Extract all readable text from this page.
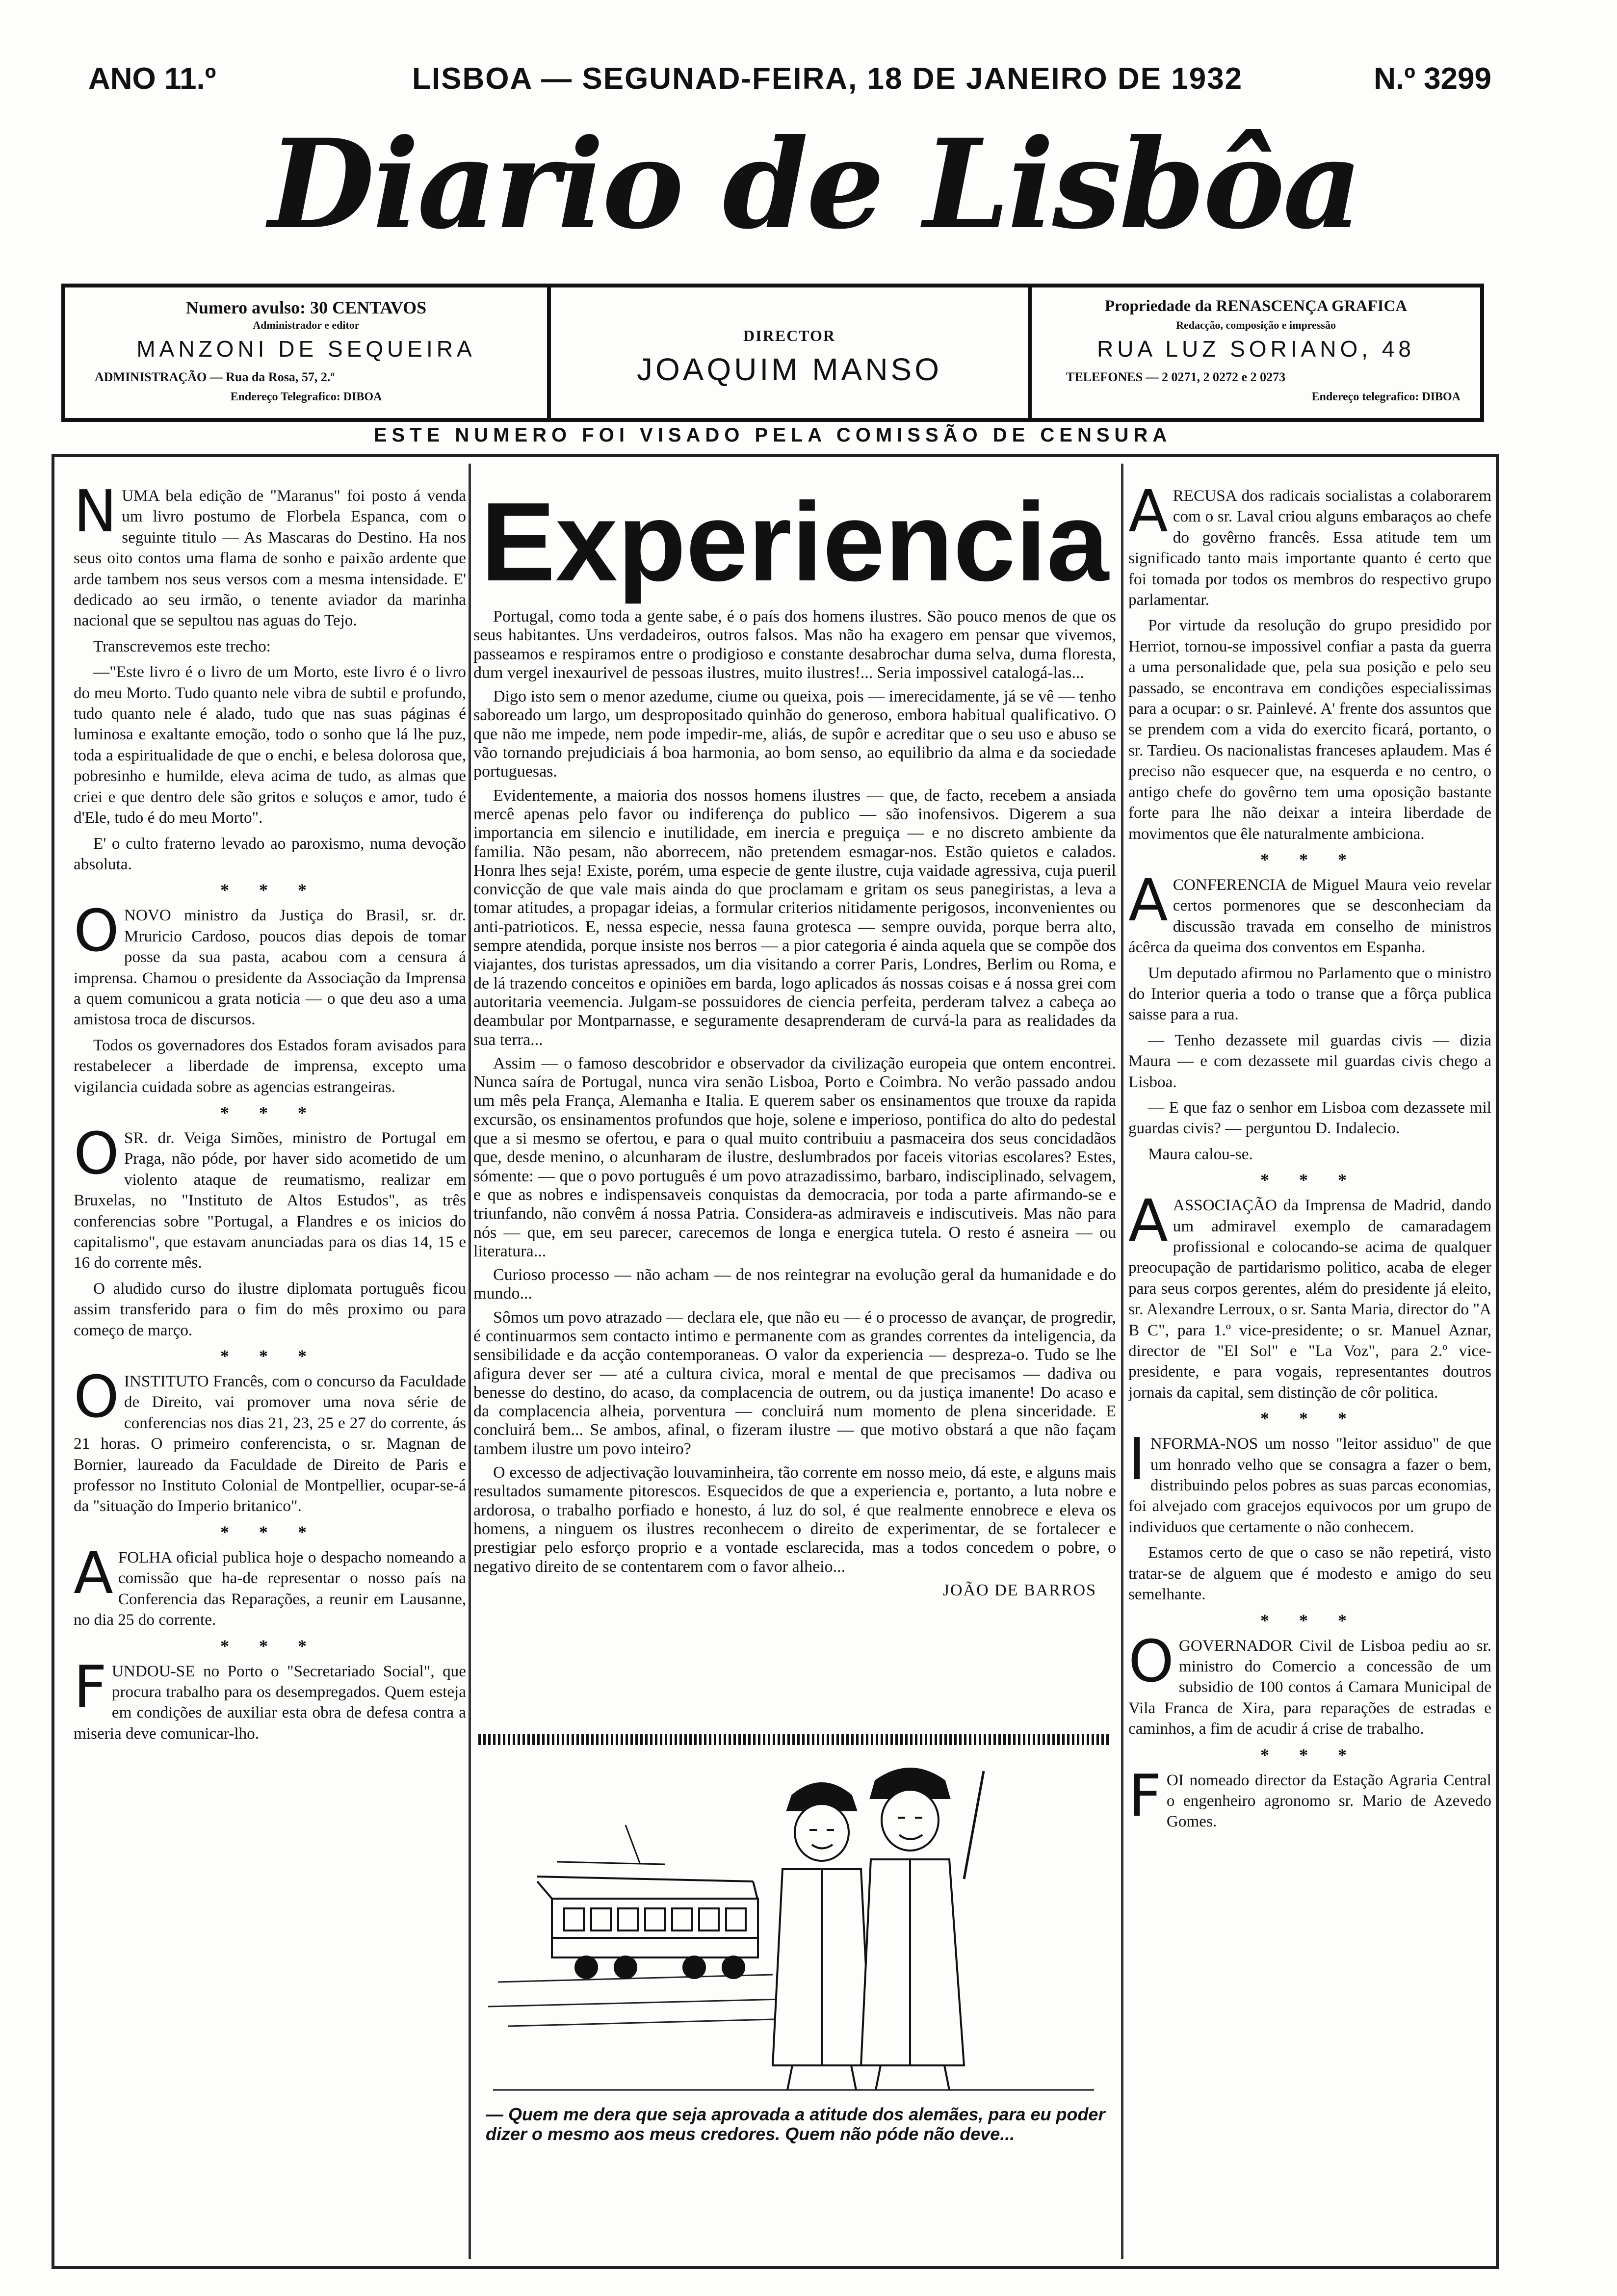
ANO 11.º	LISBOA — SEGUNAD-FEIRA, 18 DE JANEIRO DE 1932	N.º 3299
Diario de Lisbôa
Numero avulso: 30 CENTAVOS
Administrador e editor
MANZONI DE SEQUEIRA
ADMINISTRAÇÃO — Rua da Rosa, 57, 2.º
Endereço Telegrafico: DIBOA
DIRECTOR
JOAQUIM MANSO
Propriedade da RENASCENÇA GRAFICA
Redacção, composição e impressão
RUA LUZ SORIANO, 48
TELEFONES — 2 0271, 2 0272 e 2 0273
Endereço telegrafico: DIBOA
ESTE NUMERO FOI VISADO PELA COMISSÃO DE CENSURA

NUMA bela edição de "Maranus" foi posto á venda um livro postumo de Florbela Espanca, com o seguinte titulo — As Mascaras do Destino. Ha nos seus oito contos uma flama de sonho e paixão ardente que arde tambem nos seus versos com a mesma intensidade. E' dedicado ao seu irmão, o tenente aviador da marinha nacional que se sepultou nas aguas do Tejo.

Transcrevemos este trecho:

—"Este livro é o livro de um Morto, este livro é o livro do meu Morto. Tudo quanto nele vibra de subtil e profundo, tudo quanto nele é alado, tudo que nas suas páginas é luminosa e exaltante emoção, todo o sonho que lá lhe puz, toda a espiritualidade de que o enchi, e belesa dolorosa que, pobresinho e humilde, eleva acima de tudo, as almas que criei e que dentro dele são gritos e soluços e amor, tudo é d'Ele, tudo é do meu Morto".

E' o culto fraterno levado ao paroxismo, numa devoção absoluta.

* * *

ONOVO ministro da Justiça do Brasil, sr. dr. Mruricio Cardoso, poucos dias depois de tomar posse da sua pasta, acabou com a censura á imprensa. Chamou o presidente da Associação da Imprensa a quem comunicou a grata noticia — o que deu aso a uma amistosa troca de discursos.

Todos os governadores dos Estados foram avisados para restabelecer a liberdade de imprensa, excepto uma vigilancia cuidada sobre as agencias estrangeiras.

* * *

OSR. dr. Veiga Simões, ministro de Portugal em Praga, não póde, por haver sido acometido de um violento ataque de reumatismo, realizar em Bruxelas, no "Instituto de Altos Estudos", as três conferencias sobre "Portugal, a Flandres e os inicios do capitalismo", que estavam anunciadas para os dias 14, 15 e 16 do corrente mês.

O aludido curso do ilustre diplomata português ficou assim transferido para o fim do mês proximo ou para começo de março.

* * *

OINSTITUTO Francês, com o concurso da Faculdade de Direito, vai promover uma nova série de conferencias nos dias 21, 23, 25 e 27 do corrente, ás 21 horas. O primeiro conferencista, o sr. Magnan de Bornier, laureado da Faculdade de Direito de Paris e professor no Instituto Colonial de Montpellier, ocupar-se-á da "situação do Imperio britanico".

* * *

AFOLHA oficial publica hoje o despacho nomeando a comissão que ha-de representar o nosso país na Conferencia das Reparações, a reunir em Lausanne, no dia 25 do corrente.

* * *

FUNDOU-SE no Porto o "Secretariado Social", que procura trabalho para os desempregados. Quem esteja em condições de auxiliar esta obra de defesa contra a miseria deve comunicar-lho.

Experiencia

Portugal, como toda a gente sabe, é o país dos homens ilustres. São pouco menos de que os seus habitantes. Uns verdadeiros, outros falsos. Mas não ha exagero em pensar que vivemos, passeamos e respiramos entre o prodigioso e constante desabrochar duma selva, duma floresta, dum vergel inexaurivel de pessoas ilustres, muito ilustres!... Seria impossivel catalogá-las...

Digo isto sem o menor azedume, ciume ou queixa, pois — imerecidamente, já se vê — tenho saboreado um largo, um despropositado quinhão do generoso, embora habitual qualificativo. O que não me impede, nem pode impedir-me, aliás, de supôr e acreditar que o seu uso e abuso se vão tornando prejudiciais á boa harmonia, ao bom senso, ao equilibrio da alma e da sociedade portuguesas.

Evidentemente, a maioria dos nossos homens ilustres — que, de facto, recebem a ansiada mercê apenas pelo favor ou indiferença do publico — são inofensivos. Digerem a sua importancia em silencio e inutilidade, em inercia e preguiça — e no discreto ambiente da familia. Não pesam, não aborrecem, não pretendem esmagar-nos. Estão quietos e calados. Honra lhes seja! Existe, porém, uma especie de gente ilustre, cuja vaidade agressiva, cuja pueril convicção de que vale mais ainda do que proclamam e gritam os seus panegiristas, a leva a tomar atitudes, a propagar ideias, a formular criterios nitidamente perigosos, inconvenientes ou anti-patrioticos. E, nessa especie, nessa fauna grotesca — sempre ouvida, porque berra alto, sempre atendida, porque insiste nos berros — a pior categoria é ainda aquela que se compõe dos viajantes, dos turistas apressados, um dia visitando a correr Paris, Londres, Berlim ou Roma, e de lá trazendo conceitos e opiniões em barda, logo aplicados ás nossas coisas e á nossa grei com autoritaria veemencia. Julgam-se possuidores de ciencia perfeita, perderam talvez a cabeça ao deambular por Montparnasse, e seguramente desaprenderam de curvá-la para as realidades da sua terra...

Assim — o famoso descobridor e observador da civilização europeia que ontem encontrei. Nunca saíra de Portugal, nunca vira senão Lisboa, Porto e Coimbra. No verão passado andou um mês pela França, Alemanha e Italia. E querem saber os ensinamentos que trouxe da rapida excursão, os ensinamentos profundos que hoje, solene e imperioso, pontifica do alto do pedestal que a si mesmo se ofertou, e para o qual muito contribuiu a pasmaceira dos seus concidadãos que, desde menino, o alcunharam de ilustre, deslumbrados por faceis vitorias escolares? Estes, sómente: — que o povo português é um povo atrazadissimo, barbaro, indisciplinado, selvagem, e que as nobres e indispensaveis conquistas da democracia, por toda a parte afirmando-se e triunfando, não convêm á nossa Patria. Considera-as admiraveis e indiscutiveis. Mas não para nós — que, em seu parecer, carecemos de longa e energica tutela. O resto é asneira — ou literatura...

Curioso processo — não acham — de nos reintegrar na evolução geral da humanidade e do mundo...

Sômos um povo atrazado — declara ele, que não eu — é o processo de avançar, de progredir, é continuarmos sem contacto intimo e permanente com as grandes correntes da inteligencia, da sensibilidade e da acção contemporaneas. O valor da experiencia — despreza-o. Tudo se lhe afigura dever ser — até a cultura civica, moral e mental de que precisamos — dadiva ou benesse do destino, do acaso, da complacencia de outrem, ou da justiça imanente! Do acaso e da complacencia alheia, porventura — concluirá num momento de plena sinceridade. E concluirá bem... Se ambos, afinal, o fizeram ilustre — que motivo obstará a que não façam tambem ilustre um povo inteiro?

O excesso de adjectivação louvaminheira, tão corrente em nosso meio, dá este, e alguns mais resultados sumamente pitorescos. Esquecidos de que a experiencia e, portanto, a luta nobre e ardorosa, o trabalho porfiado e honesto, á luz do sol, é que realmente ennobrece e eleva os homens, a ninguem os ilustres reconhecem o direito de experimentar, de se fortalecer e prestigiar pelo esforço proprio e a vontade esclarecida, mas a todos concedem o pobre, o negativo direito de se contentarem com o favor alheio...

JOÃO DE BARROS
— Quem me dera que seja aprovada a atitude dos alemães, para eu poder dizer o mesmo aos meus credores. Quem não póde não deve...

ARECUSA dos radicais socialistas a colaborarem com o sr. Laval criou alguns embaraços ao chefe do govêrno francês. Essa atitude tem um significado tanto mais importante quanto é certo que foi tomada por todos os membros do respectivo grupo parlamentar.

Por virtude da resolução do grupo presidido por Herriot, tornou-se impossivel confiar a pasta da guerra a uma personalidade que, pela sua posição e pelo seu passado, se encontrava em condições especialissimas para a ocupar: o sr. Painlevé. A' frente dos assuntos que se prendem com a vida do exercito ficará, portanto, o sr. Tardieu. Os nacionalistas franceses aplaudem. Mas é preciso não esquecer que, na esquerda e no centro, o antigo chefe do govêrno tem uma oposição bastante forte para lhe não deixar a inteira liberdade de movimentos que êle naturalmente ambiciona.

* * *

ACONFERENCIA de Miguel Maura veio revelar certos pormenores que se desconheciam da discussão travada em conselho de ministros ácêrca da queima dos conventos em Espanha.

Um deputado afirmou no Parlamento que o ministro do Interior queria a todo o transe que a fôrça publica saisse para a rua.

— Tenho dezassete mil guardas civis — dizia Maura — e com dezassete mil guardas civis chego a Lisboa.

— E que faz o senhor em Lisboa com dezassete mil guardas civis? — perguntou D. Indalecio.

Maura calou-se.

* * *

AASSOCIAÇÃO da Imprensa de Madrid, dando um admiravel exemplo de camaradagem profissional e colocando-se acima de qualquer preocupação de partidarismo politico, acaba de eleger para seus corpos gerentes, além do presidente já eleito, sr. Alexandre Lerroux, o sr. Santa Maria, director do "A B C", para 1.º vice-presidente; o sr. Manuel Aznar, director de "El Sol" e "La Voz", para 2.º vice-presidente, e para vogais, representantes doutros jornais da capital, sem distinção de côr politica.

* * *

INFORMA-NOS um nosso "leitor assiduo" de que um honrado velho que se consagra a fazer o bem, distribuindo pelos pobres as suas parcas economias, foi alvejado com gracejos equivocos por um grupo de individuos que certamente o não conhecem.

Estamos certo de que o caso se não repetirá, visto tratar-se de alguem que é modesto e amigo do seu semelhante.

* * *

OGOVERNADOR Civil de Lisboa pediu ao sr. ministro do Comercio a concessão de um subsidio de 100 contos á Camara Municipal de Vila Franca de Xira, para reparações de estradas e caminhos, a fim de acudir á crise de trabalho.

* * *

FOI nomeado director da Estação Agraria Central o engenheiro agronomo sr. Mario de Azevedo Gomes.
